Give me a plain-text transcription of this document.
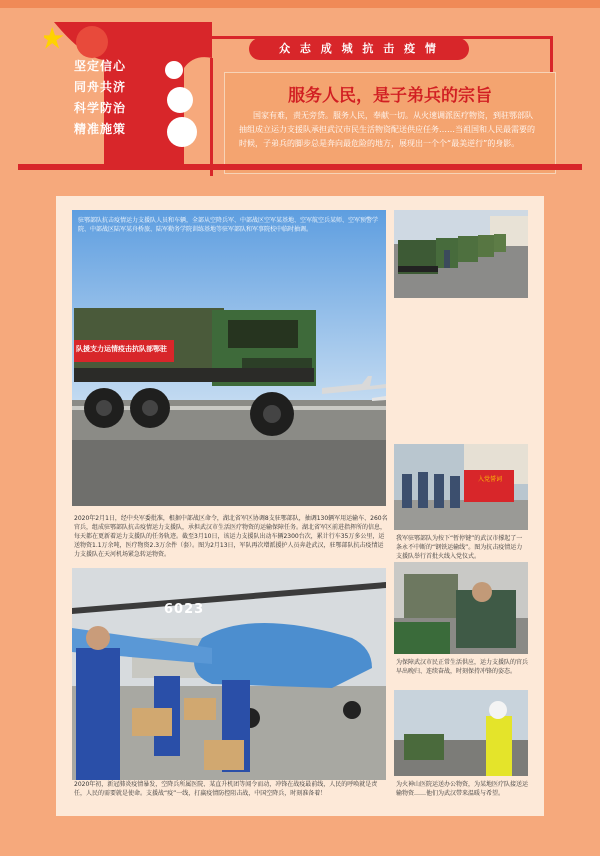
坚定信心
同舟共济
科学防治
精准施策
众 志 成 城 抗 击 疫 情
服务人民，是子弟兵的宗旨
国家有难，责无旁贷。服务人民，奉献一切。从火速调派医疗物资，到驻鄂部队抽组成立运力支援队承担武汉市民生活物资配送供应任务……当祖国和人民最需要的时候，子弟兵的脚步总是奔向最危险的地方，展现出一个个“最美逆行”的身影。
队援支力运情疫击抗队部鄂驻
驻鄂部队抗击疫情运力支援队人员和车辆，全部从空降兵军、中部战区空军某基地、空军航空兵某师、空军预警学院、中部战区陆军某舟桥旅、陆军勤务学院训练基地等驻军部队和军事院校中临时抽调。
2020年2月1日，经中央军委批准，根据中部战区命令，湖北省军区协调8支驻鄂部队，抽调130辆军用运输车、260名官兵，组成驻鄂部队抗击疫情运力支援队，承担武汉市生活医疗物资的运输保障任务。湖北省军区前进指挥所的信息，每天都在更新着运力支援队的任务轨迹。截至3月10日，该运力支援队出动车辆2300台次，累计行车35万多公里，运送物资1.1万余吨，医疗物资2.3万余件（套）。图为2月13日，军队再次增派援护人员奔赴武汉，驻鄂部队抗击疫情运力支援队在天河机场紧急转运物资。
入党誓词
我军驻鄂部队为按下“暂停键”的武汉市撑起了一条永不中断的“钢铁运输线”。图为抗击疫情运力支援队举行首批火线入党仪式。
6023
2020年初，新冠肺炎疫情暴发，空降兵所属医院、某直升机团等闻令而动，冲锋在战疫最前线，人民的呼唤就是责任，人民的需要就是使命。支援战“疫”一线，打赢疫情防控阻击战，中国空降兵，时刻准备着！
为保障武汉市民正常生活供应，运力支援队的官兵早出晚归、连续奋战，时刻保持冲锋的姿态。
为火神山医院运送办公物资，为某地医疗队接送运输物资……他们为武汉带来温暖与希望。
